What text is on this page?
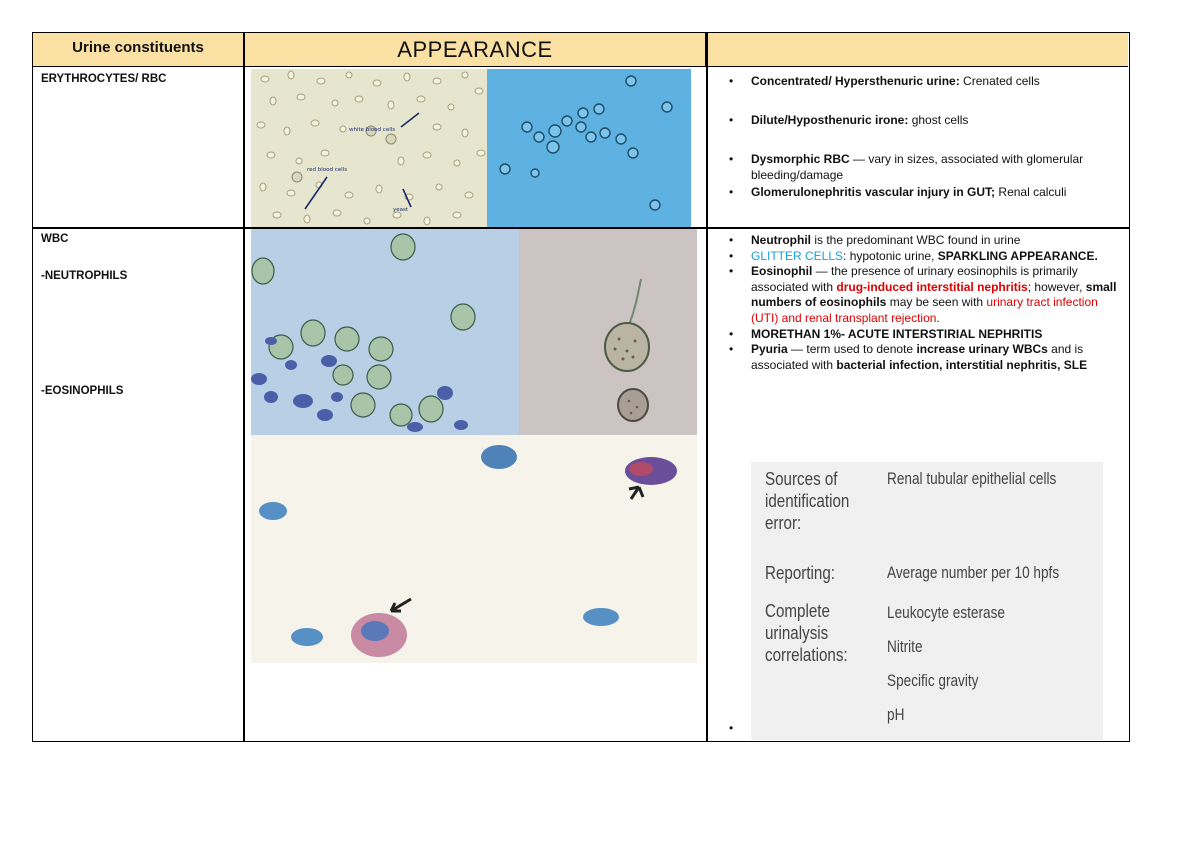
Urine constituents	APPEARANCE
ERYTHROCYTES/ RBC
WBC
-NEUTROPHILS
-EOSINOPHILS
white blood cells
red blood cells
yeast
• Concentrated/ Hypersthenuric urine: Crenated cells
• Dilute/Hyposthenuric irone: ghost cells
• Dysmorphic RBC — vary in sizes, associated with glomerular bleeding/damage
• Glomerulonephritis vascular injury in GUT; Renal calculi
• Neutrophil is the predominant WBC found in urine
• GLITTER CELLS: hypotonic urine, SPARKLING APPEARANCE.
• Eosinophil — the presence of urinary eosinophils is primarily associated with drug-induced interstitial nephritis; however, small numbers of eosinophils may be seen with urinary tract infection (UTI) and renal transplant rejection.
• MORETHAN 1%- ACUTE INTERSTIRIAL NEPHRITIS
• Pyuria — term used to denote increase urinary WBCs and is associated with bacterial infection, interstitial nephritis, SLE
Sources of identification error:
Renal tubular epithelial cells
Reporting:	Average number per 10 hpfs
Complete urinalysis correlations:
Leukocyte esterase
Nitrite
Specific gravity
pH
